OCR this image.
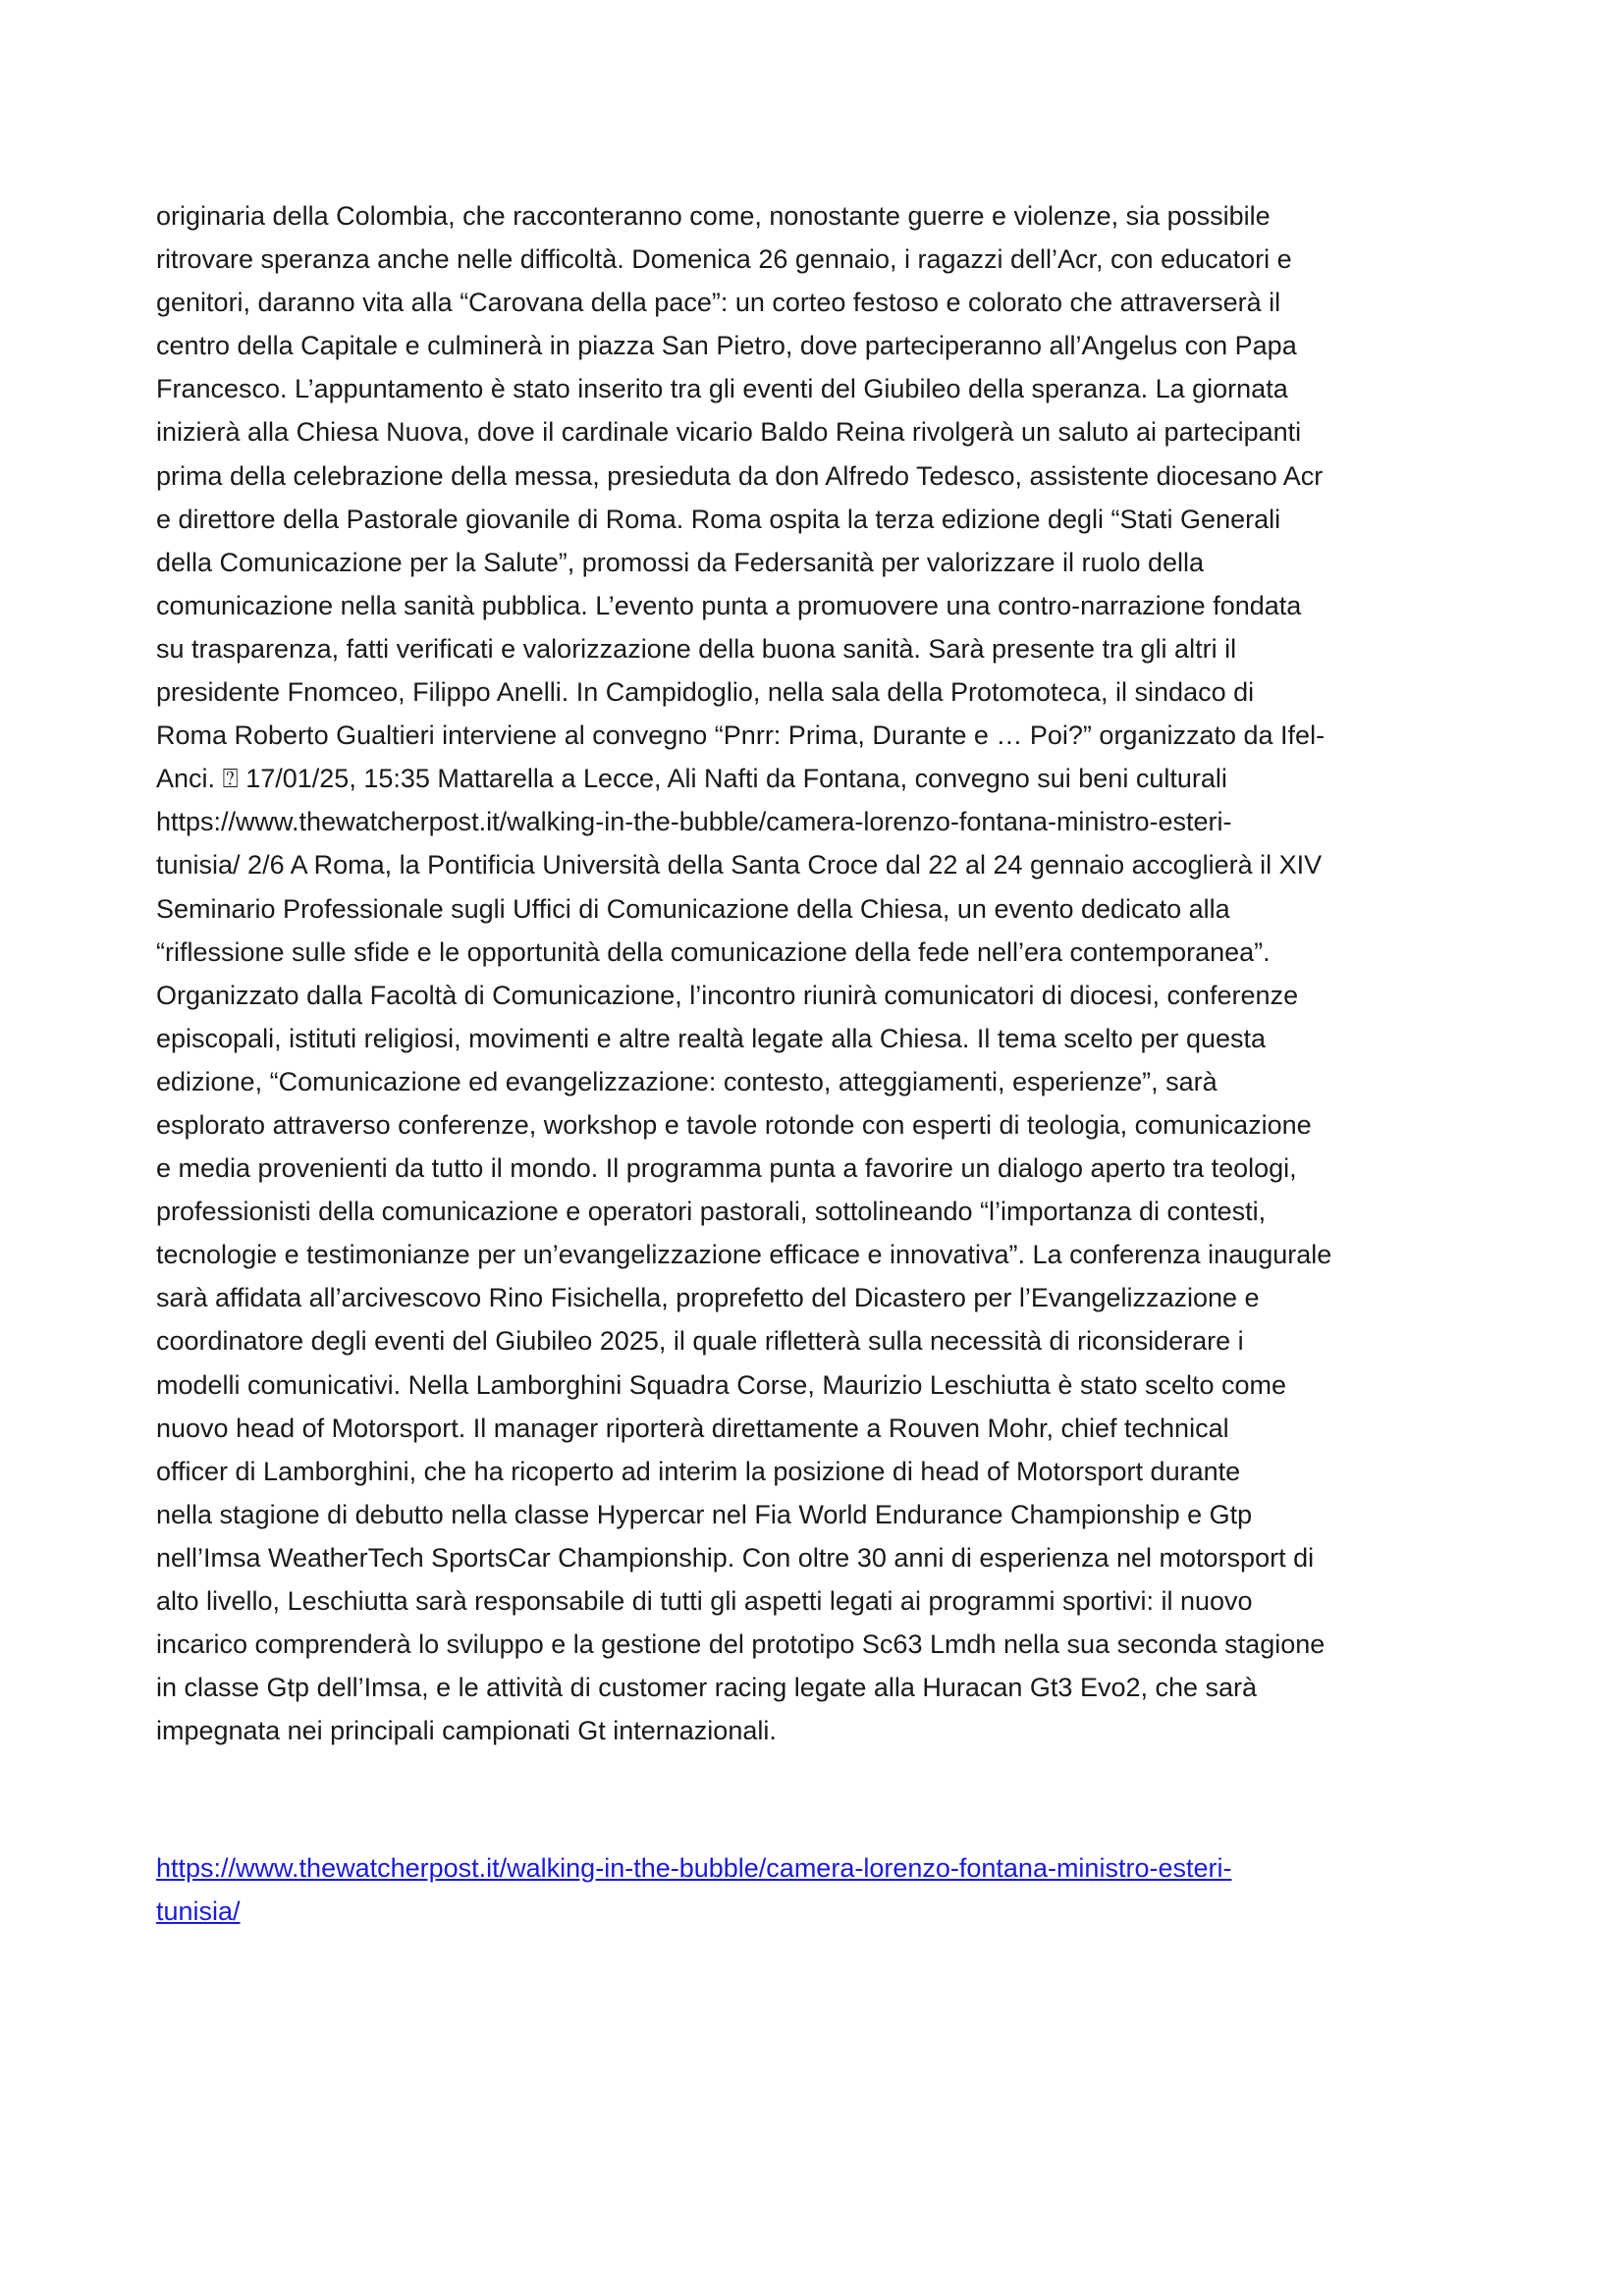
originaria della Colombia, che racconteranno come, nonostante guerre e violenze, sia possibile
ritrovare speranza anche nelle difficoltà. Domenica 26 gennaio, i ragazzi dell’Acr, con educatori e
genitori, daranno vita alla “Carovana della pace”: un corteo festoso e colorato che attraverserà il
centro della Capitale e culminerà in piazza San Pietro, dove parteciperanno all’Angelus con Papa
Francesco. L’appuntamento è stato inserito tra gli eventi del Giubileo della speranza. La giornata
inizierà alla Chiesa Nuova, dove il cardinale vicario Baldo Reina rivolgerà un saluto ai partecipanti
prima della celebrazione della messa, presieduta da don Alfredo Tedesco, assistente diocesano Acr
e direttore della Pastorale giovanile di Roma. Roma ospita la terza edizione degli “Stati Generali
della Comunicazione per la Salute”, promossi da Federsanità per valorizzare il ruolo della
comunicazione nella sanità pubblica. L’evento punta a promuovere una contro-narrazione fondata
su trasparenza, fatti verificati e valorizzazione della buona sanità. Sarà presente tra gli altri il
presidente Fnomceo, Filippo Anelli. In Campidoglio, nella sala della Protomoteca, il sindaco di
Roma Roberto Gualtieri interviene al convegno “Pnrr: Prima, Durante e … Poi?” organizzato da Ifel-
Anci. ⍰ 17/01/25, 15:35 Mattarella a Lecce, Ali Nafti da Fontana, convegno sui beni culturali
https://www.thewatcherpost.it/walking-in-the-bubble/camera-lorenzo-fontana-ministro-esteri-
tunisia/ 2/6 A Roma, la Pontificia Università della Santa Croce dal 22 al 24 gennaio accoglierà il XIV
Seminario Professionale sugli Uffici di Comunicazione della Chiesa, un evento dedicato alla
“riflessione sulle sfide e le opportunità della comunicazione della fede nell’era contemporanea”.
Organizzato dalla Facoltà di Comunicazione, l’incontro riunirà comunicatori di diocesi, conferenze
episcopali, istituti religiosi, movimenti e altre realtà legate alla Chiesa. Il tema scelto per questa
edizione, “Comunicazione ed evangelizzazione: contesto, atteggiamenti, esperienze”, sarà
esplorato attraverso conferenze, workshop e tavole rotonde con esperti di teologia, comunicazione
e media provenienti da tutto il mondo. Il programma punta a favorire un dialogo aperto tra teologi,
professionisti della comunicazione e operatori pastorali, sottolineando “l’importanza di contesti,
tecnologie e testimonianze per un’evangelizzazione efficace e innovativa”. La conferenza inaugurale
sarà affidata all’arcivescovo Rino Fisichella, proprefetto del Dicastero per l’Evangelizzazione e
coordinatore degli eventi del Giubileo 2025, il quale rifletterà sulla necessità di riconsiderare i
modelli comunicativi. Nella Lamborghini Squadra Corse, Maurizio Leschiutta è stato scelto come
nuovo head of Motorsport. Il manager riporterà direttamente a Rouven Mohr, chief technical
officer di Lamborghini, che ha ricoperto ad interim la posizione di head of Motorsport durante
nella stagione di debutto nella classe Hypercar nel Fia World Endurance Championship e Gtp
nell’Imsa WeatherTech SportsCar Championship. Con oltre 30 anni di esperienza nel motorsport di
alto livello, Leschiutta sarà responsabile di tutti gli aspetti legati ai programmi sportivi: il nuovo
incarico comprenderà lo sviluppo e la gestione del prototipo Sc63 Lmdh nella sua seconda stagione
in classe Gtp dell’Imsa, e le attività di customer racing legate alla Huracan Gt3 Evo2, che sarà
impegnata nei principali campionati Gt internazionali.
https://www.thewatcherpost.it/walking-in-the-bubble/camera-lorenzo-fontana-ministro-esteri-
tunisia/
